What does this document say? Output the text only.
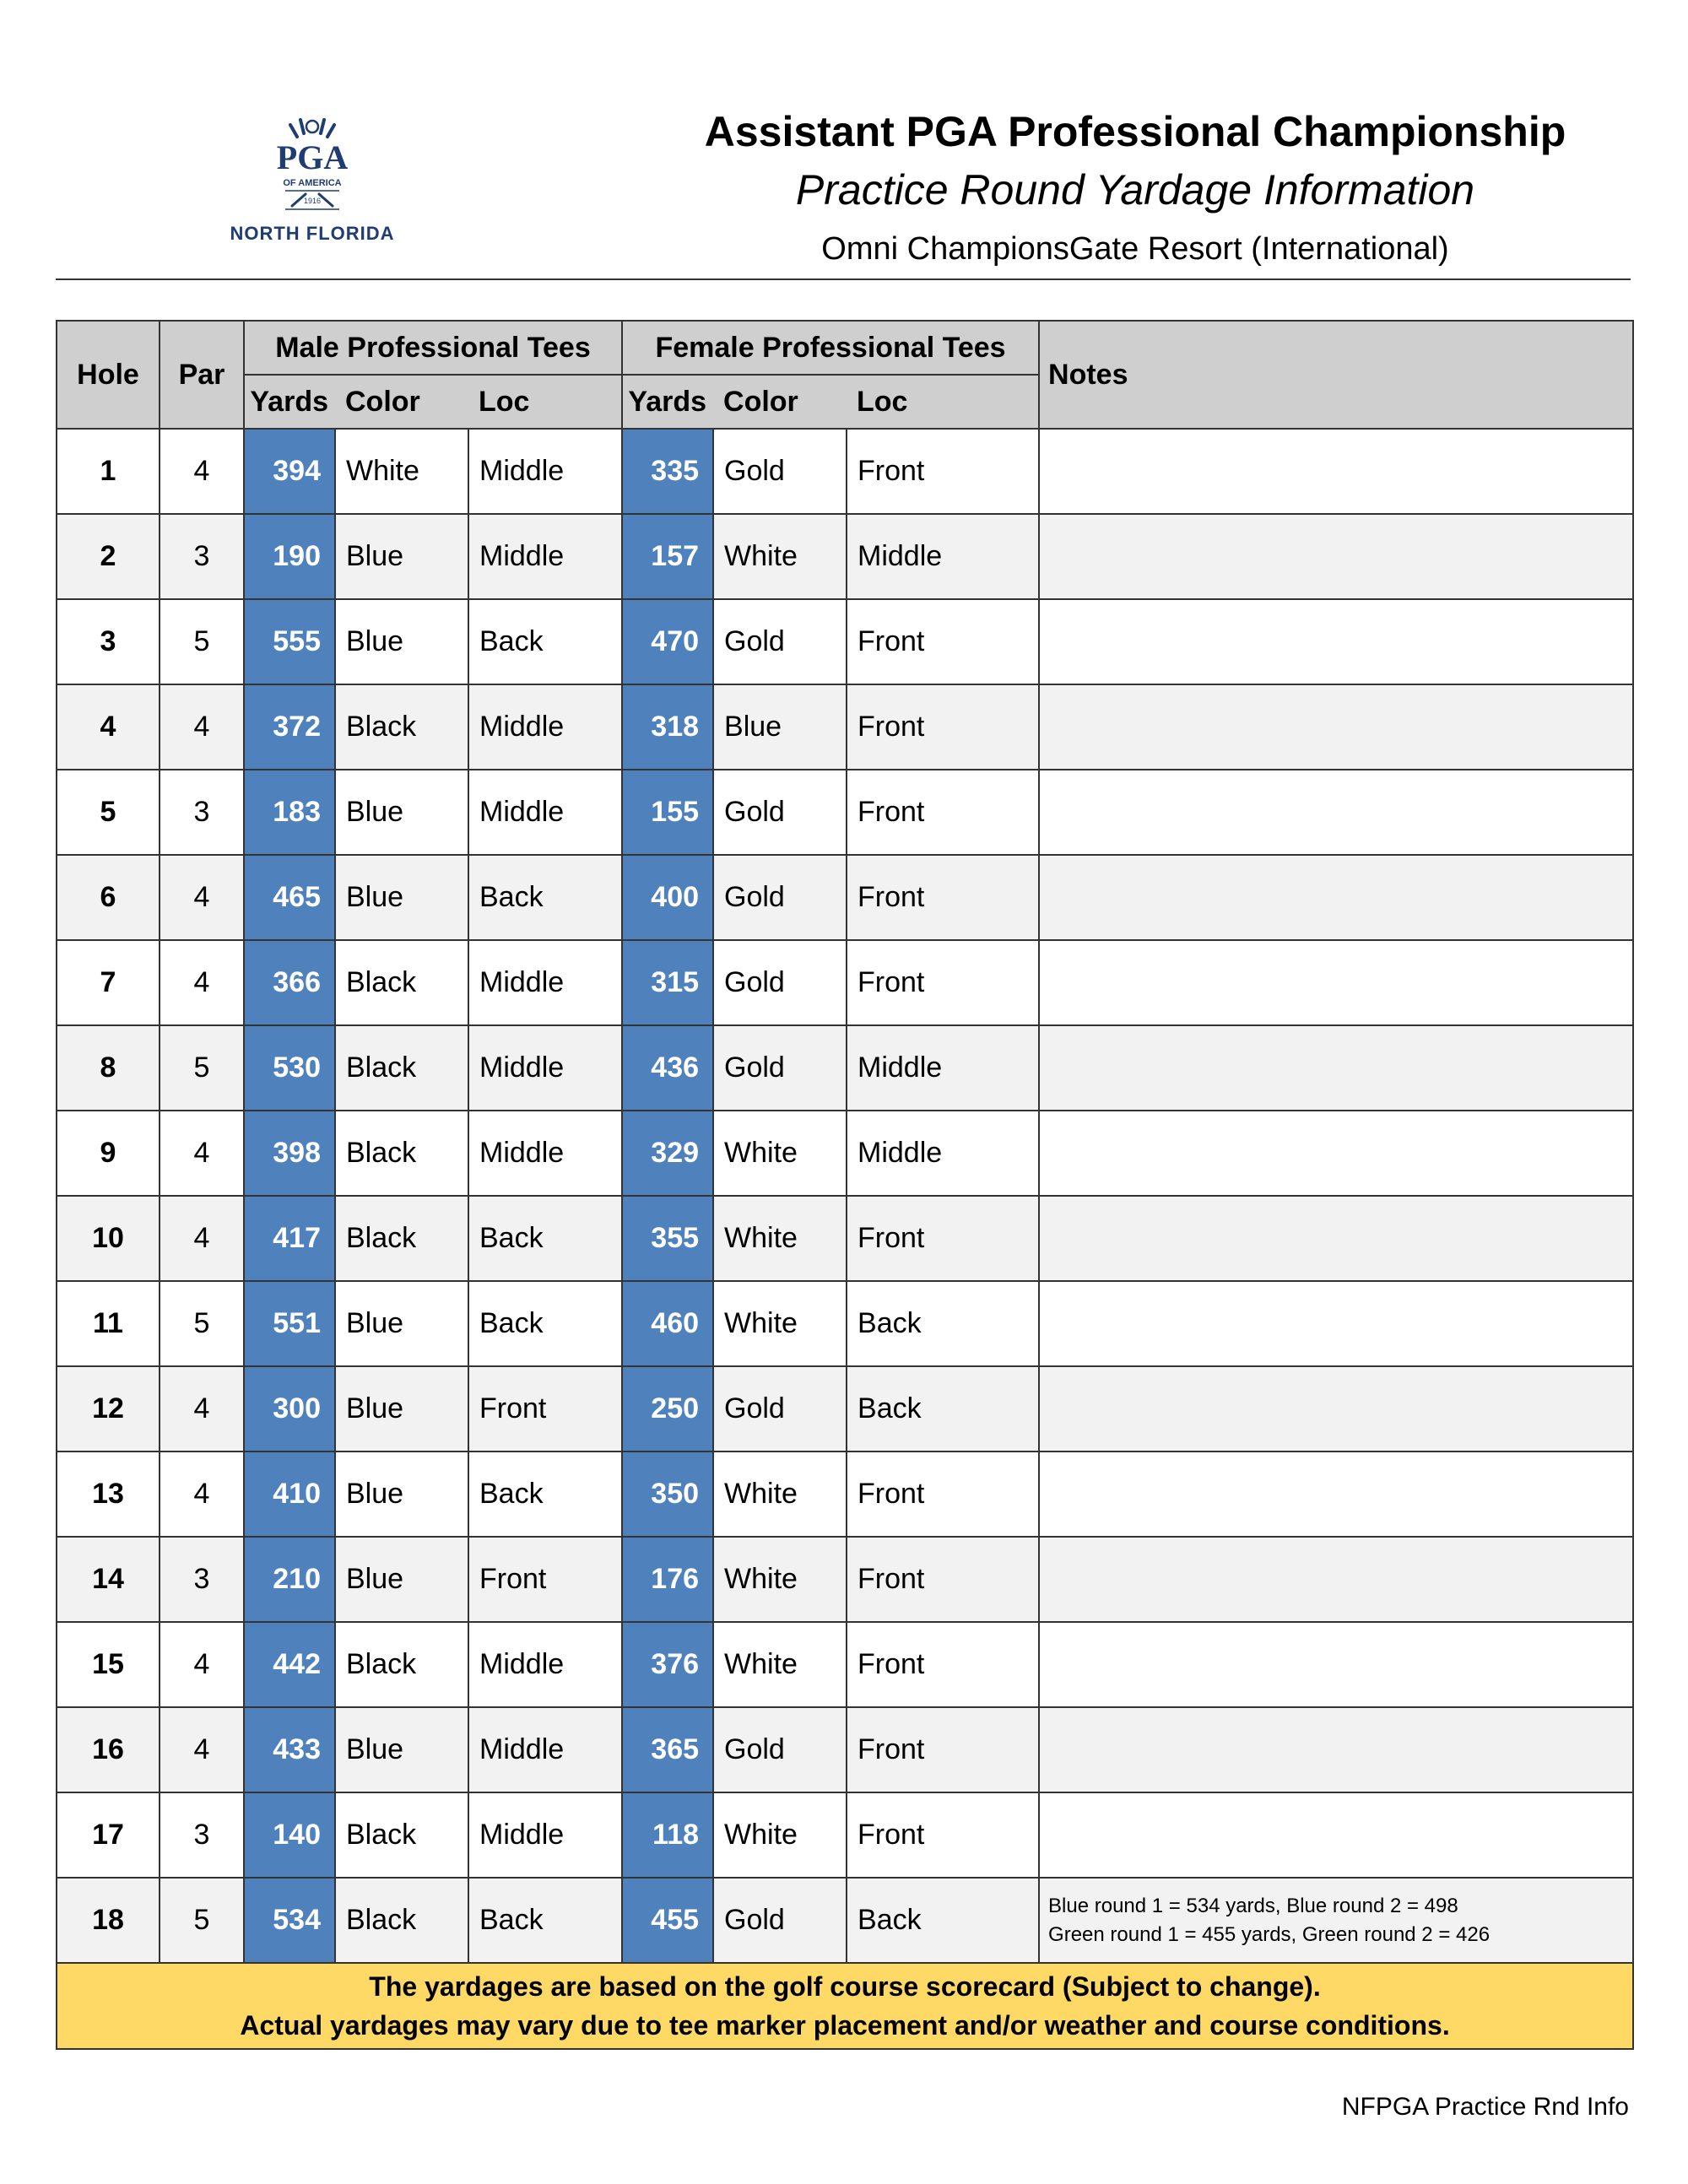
PGA
OF AMERICA
1916
NORTH FLORIDA
Assistant PGA Professional Championship
Practice Round Yardage Information
Omni ChampionsGate Resort (International)
Hole	Par	Male Professional Tees			Female Professional Tees			Notes
		Yards	Color	Loc	Yards	Color	Loc	
1	4	394	White	Middle	335	Gold	Front	

2	3	190	Blue	Middle	157	White	Middle	

3	5	555	Blue	Back	470	Gold	Front	

4	4	372	Black	Middle	318	Blue	Front	

5	3	183	Blue	Middle	155	Gold	Front	

6	4	465	Blue	Back	400	Gold	Front	

7	4	366	Black	Middle	315	Gold	Front	

8	5	530	Black	Middle	436	Gold	Middle	

9	4	398	Black	Middle	329	White	Middle	

10	4	417	Black	Back	355	White	Front	

11	5	551	Blue	Back	460	White	Back	

12	4	300	Blue	Front	250	Gold	Back	

13	4	410	Blue	Back	350	White	Front	

14	3	210	Blue	Front	176	White	Front	

15	4	442	Black	Middle	376	White	Front	

16	4	433	Blue	Middle	365	Gold	Front	

17	3	140	Black	Middle	118	White	Front	

18	5	534	Black	Back	455	Gold	Back	Blue round 1 = 534 yards, Blue round 2 = 498
Green round 1 = 455 yards, Green round 2 = 426

The yardages are based on the golf course scorecard (Subject to change).
Actual yardages may vary due to tee marker placement and/or weather and course conditions.								
NFPGA Practice Rnd Info
